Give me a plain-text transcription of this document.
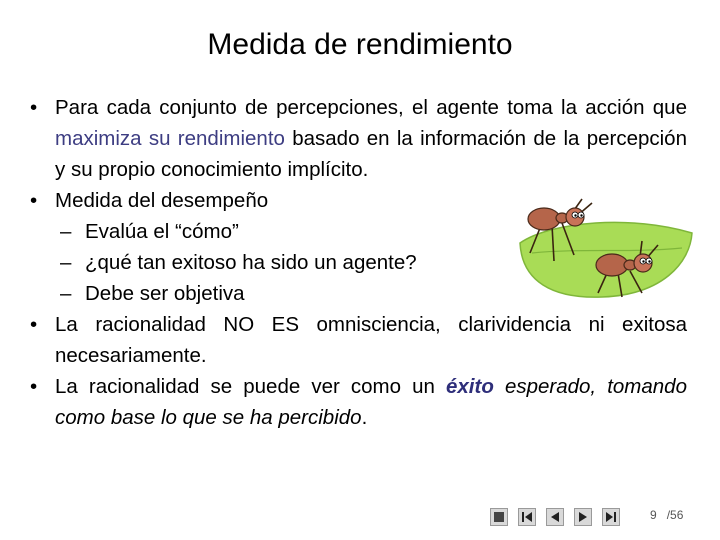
Medida de rendimiento
• Para cada conjunto de percepciones, el agente toma la acción que maximiza su rendimiento basado en la información de la percepción y su propio conocimiento implícito.
• Medida del desempeño
– Evalúa el “cómo”
– ¿qué tan exitoso ha sido un agente?
– Debe ser objetiva
• La racionalidad NO ES omnisciencia, clarividencia ni exitosa necesariamente.
• La racionalidad se puede ver como un éxito esperado, tomando como base lo que se ha percibido.
9 /56
